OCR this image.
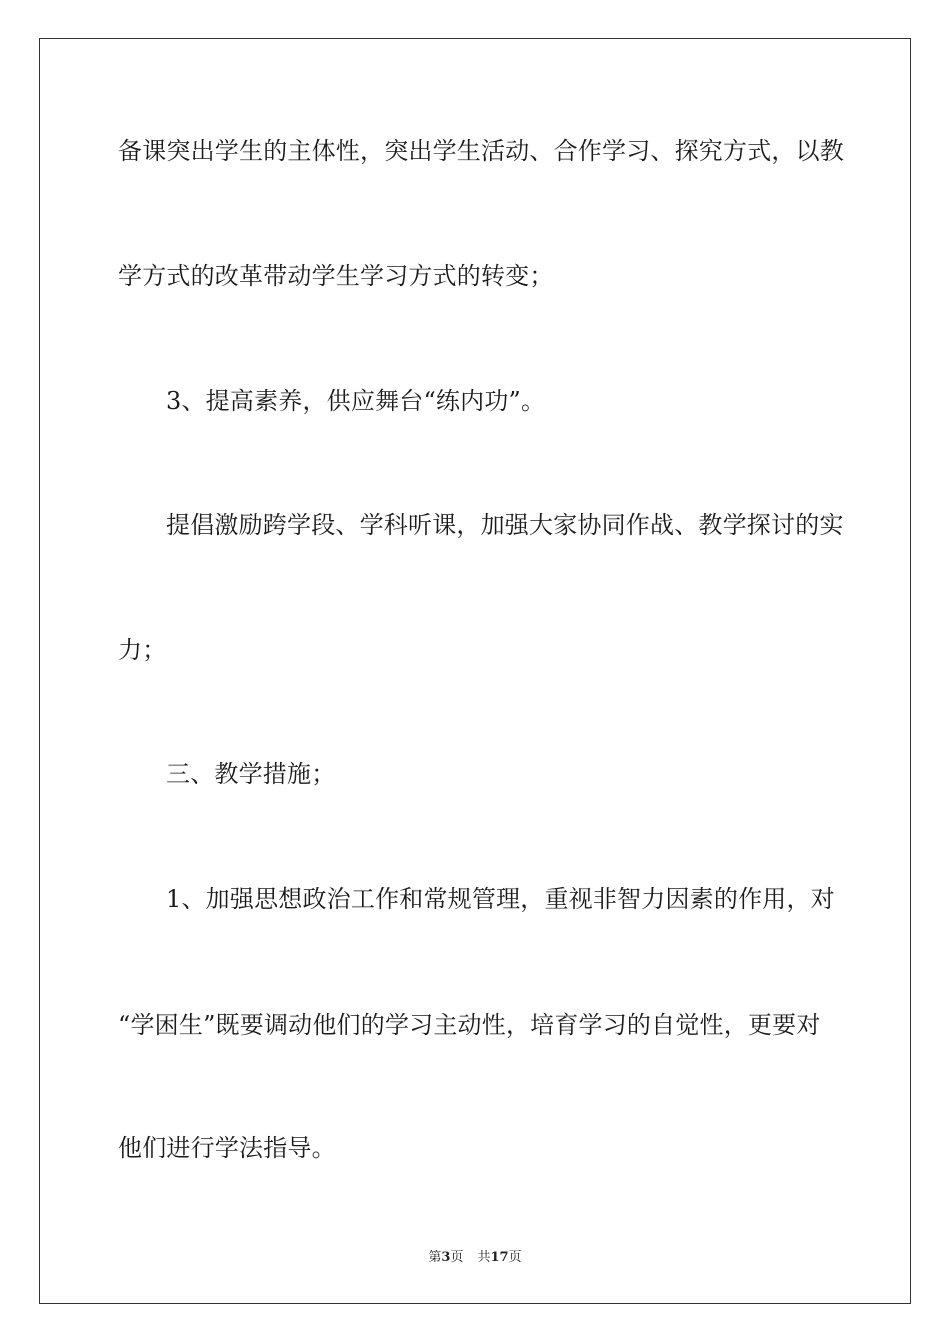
备课突出学生的主体性，突出学生活动、合作学习、探究方式，以教
学方式的改革带动学生学习方式的转变；
3、提高素养，供应舞台“练内功”。
提倡激励跨学段、学科听课，加强大家协同作战、教学探讨的实
力；
三、教学措施；
1、加强思想政治工作和常规管理，重视非智力因素的作用，对
“学困生”既要调动他们的学习主动性，培育学习的自觉性，更要对
他们进行学法指导。
第3页 共17页
